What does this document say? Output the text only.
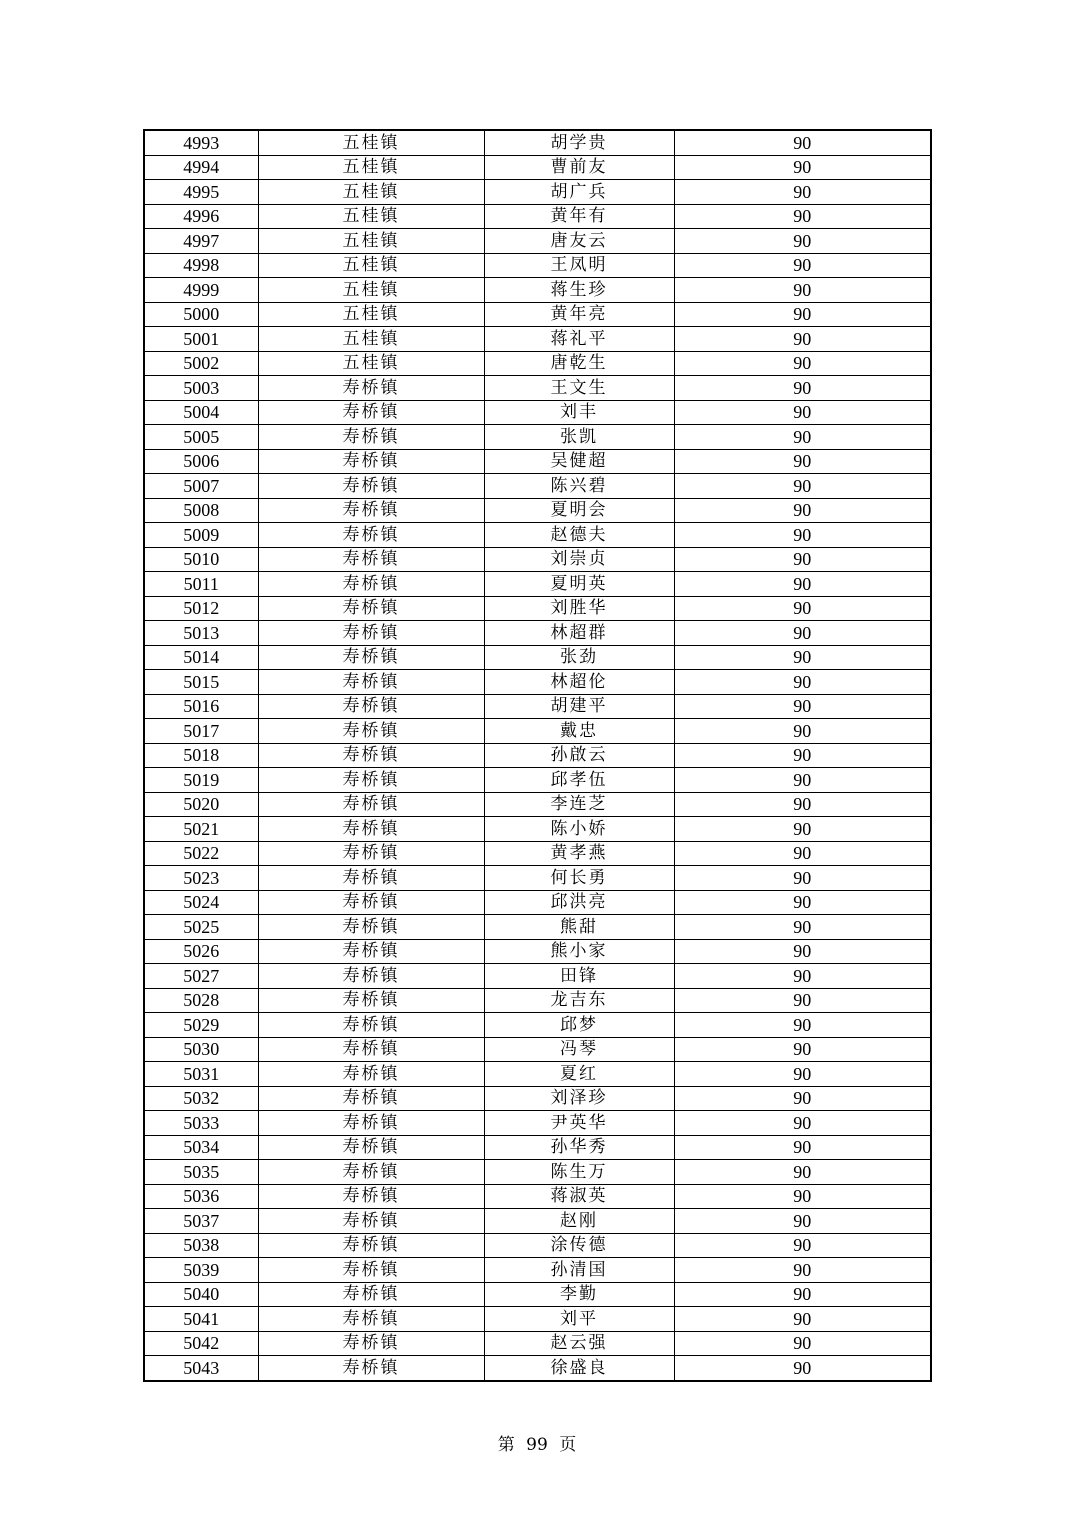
4993	五桂镇	胡学贵	90
4994	五桂镇	曹前友	90
4995	五桂镇	胡广兵	90
4996	五桂镇	黄年有	90
4997	五桂镇	唐友云	90
4998	五桂镇	王凤明	90
4999	五桂镇	蒋生珍	90
5000	五桂镇	黄年亮	90
5001	五桂镇	蒋礼平	90
5002	五桂镇	唐乾生	90
5003	寿桥镇	王文生	90
5004	寿桥镇	刘丰	90
5005	寿桥镇	张凯	90
5006	寿桥镇	吴健超	90
5007	寿桥镇	陈兴碧	90
5008	寿桥镇	夏明会	90
5009	寿桥镇	赵德夫	90
5010	寿桥镇	刘崇贞	90
5011	寿桥镇	夏明英	90
5012	寿桥镇	刘胜华	90
5013	寿桥镇	林超群	90
5014	寿桥镇	张劲	90
5015	寿桥镇	林超伦	90
5016	寿桥镇	胡建平	90
5017	寿桥镇	戴忠	90
5018	寿桥镇	孙啟云	90
5019	寿桥镇	邱孝伍	90
5020	寿桥镇	李连芝	90
5021	寿桥镇	陈小娇	90
5022	寿桥镇	黄孝燕	90
5023	寿桥镇	何长勇	90
5024	寿桥镇	邱洪亮	90
5025	寿桥镇	熊甜	90
5026	寿桥镇	熊小家	90
5027	寿桥镇	田锋	90
5028	寿桥镇	龙吉东	90
5029	寿桥镇	邱梦	90
5030	寿桥镇	冯琴	90
5031	寿桥镇	夏红	90
5032	寿桥镇	刘泽珍	90
5033	寿桥镇	尹英华	90
5034	寿桥镇	孙华秀	90
5035	寿桥镇	陈生万	90
5036	寿桥镇	蒋淑英	90
5037	寿桥镇	赵刚	90
5038	寿桥镇	涂传德	90
5039	寿桥镇	孙清国	90
5040	寿桥镇	李勤	90
5041	寿桥镇	刘平	90
5042	寿桥镇	赵云强	90
5043	寿桥镇	徐盛良	90
第 99 页
